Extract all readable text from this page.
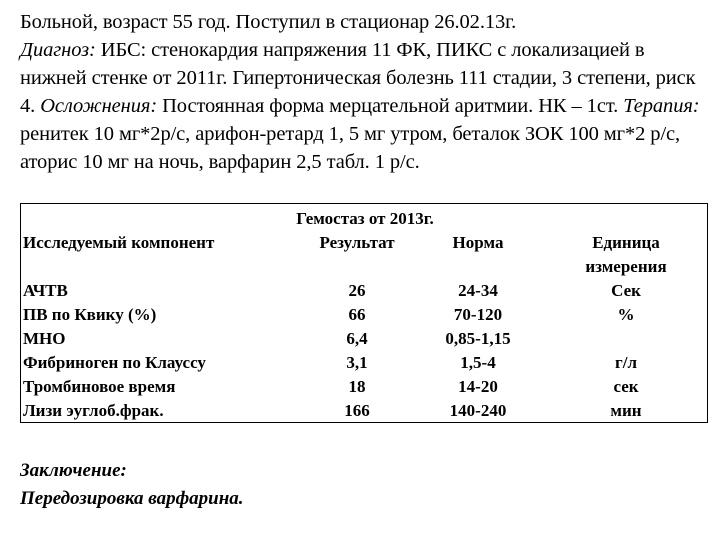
Больной, возраст 55 год. Поступил в стационар 26.02.13г.
Диагноз: ИБС: стенокардия напряжения 11 ФК, ПИКС с локализацией в нижней стенке от 2011г. Гипертоническая болезнь 111 стадии, 3 степени, риск 4. Осложнения: Постоянная форма мерцательной аритмии. НК – 1ст. Терапия: ренитек 10 мг*2р/с, арифон-ретард 1, 5 мг утром, беталок ЗОК 100 мг*2 р/с, аторис 10 мг на ночь, варфарин 2,5 табл. 1 р/с.
Гемостаз от 2013г.
Исследуемый компонент	Результат	Норма	Единица
измерения
АЧТВ	26	24-34	Сек
ПВ по Квику (%)	66	70-120	%
МНО	6,4	0,85-1,15
Фибриноген по Клауссу	3,1	1,5-4	г/л
Тромбиновое время	18	14-20	сек
Лизи эуглоб.фрак.	166	140-240	мин
Заключение:
Передозировка варфарина.
